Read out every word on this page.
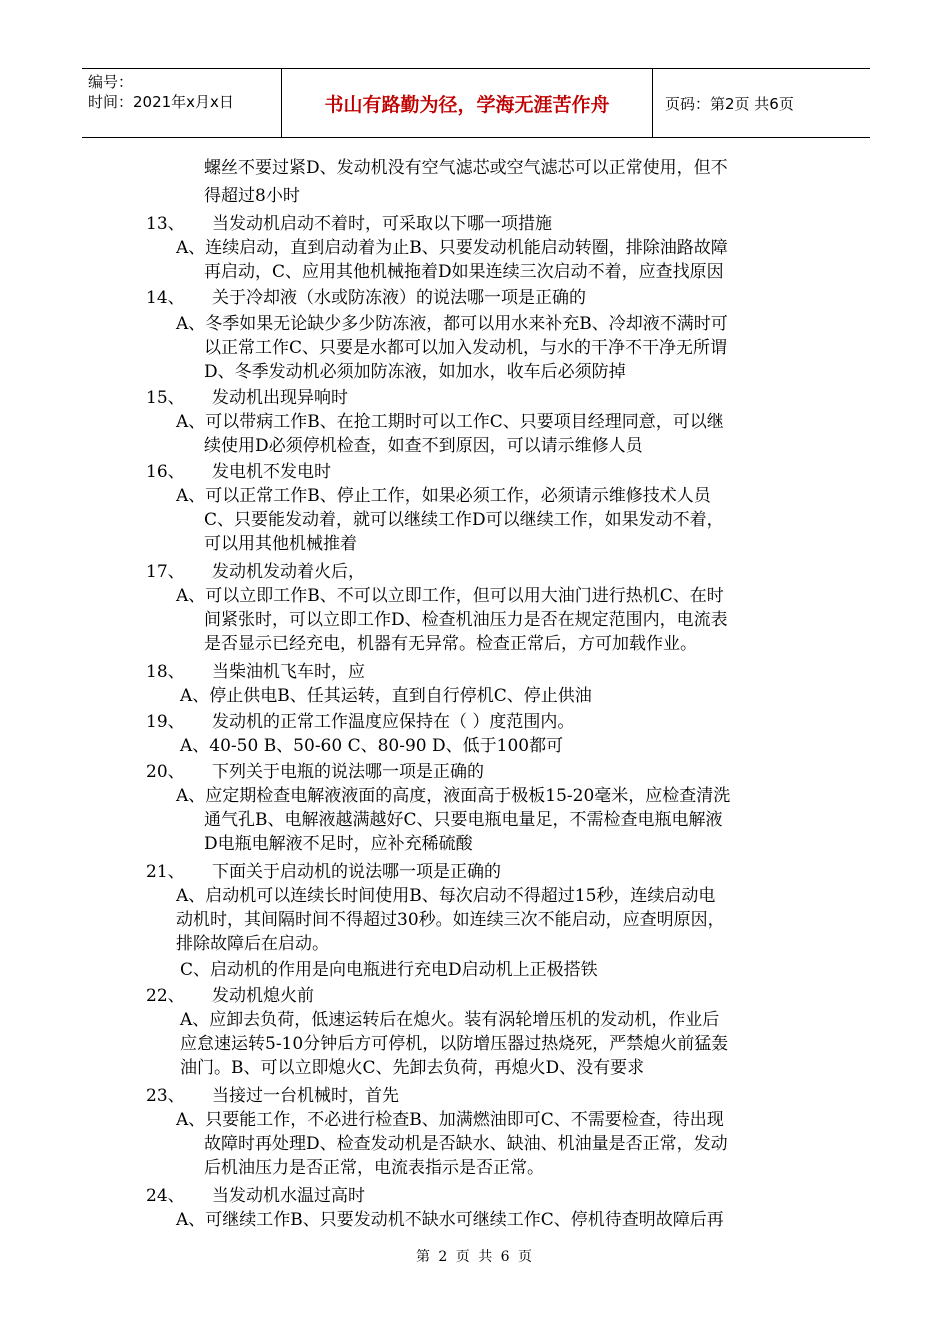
编号：
时间：2021年x月x日	书山有路勤为径，学海无涯苦作舟	页码：第2页 共6页
螺丝不要过紧D、发动机没有空气滤芯或空气滤芯可以正常使用，但不
得超过8小时
A、连续启动，直到启动着为止B、只要发动机能启动转圈，排除油路故障
再启动，C、应用其他机械拖着D如果连续三次启动不着，应查找原因
A、冬季如果无论缺少多少防冻液，都可以用水来补充B、冷却液不满时可
以正常工作C、只要是水都可以加入发动机，与水的干净不干净无所谓
D、冬季发动机必须加防冻液，如加水，收车后必须防掉
A、可以带病工作B、在抢工期时可以工作C、只要项目经理同意，可以继
续使用D必须停机检查，如查不到原因，可以请示维修人员
A、可以正常工作B、停止工作，如果必须工作，必须请示维修技术人员
C、只要能发动着，就可以继续工作D可以继续工作，如果发动不着，
可以用其他机械推着
A、可以立即工作B、不可以立即工作，但可以用大油门进行热机C、在时
间紧张时，可以立即工作D、检查机油压力是否在规定范围内，电流表
是否显示已经充电，机器有无异常。检查正常后，方可加载作业。
A、停止供电B、任其运转，直到自行停机C、停止供油
A、40-50 B、50-60 C、80-90 D、低于100都可
A、应定期检查电解液液面的高度，液面高于极板15-20毫米，应检查清洗
通气孔B、电解液越满越好C、只要电瓶电量足，不需检查电瓶电解液
D电瓶电解液不足时，应补充稀硫酸
A、启动机可以连续长时间使用B、每次启动不得超过15秒，连续启动电
动机时，其间隔时间不得超过30秒。如连续三次不能启动，应查明原因，
排除故障后在启动。
C、启动机的作用是向电瓶进行充电D启动机上正极搭铁
A、应卸去负荷，低速运转后在熄火。装有涡轮增压机的发动机，作业后
应怠速运转5-10分钟后方可停机，以防增压器过热烧死，严禁熄火前猛轰
油门。B、可以立即熄火C、先卸去负荷，再熄火D、没有要求
A、只要能工作，不必进行检查B、加满燃油即可C、不需要检查，待出现
故障时再处理D、检查发动机是否缺水、缺油、机油量是否正常，发动
后机油压力是否正常，电流表指示是否正常。
A、可继续工作B、只要发动机不缺水可继续工作C、停机待查明故障后再
13、 当发动机启动不着时，可采取以下哪一项措施
14、 关于冷却液（水或防冻液）的说法哪一项是正确的
15、 发动机出现异响时
16、 发电机不发电时
17、 发动机发动着火后，
18、 当柴油机飞车时，应
19、 发动机的正常工作温度应保持在（ ）度范围内。
20、 下列关于电瓶的说法哪一项是正确的
21、 下面关于启动机的说法哪一项是正确的
22、 发动机熄火前
23、 当接过一台机械时，首先
24、 当发动机水温过高时
第 2 页 共 6 页
